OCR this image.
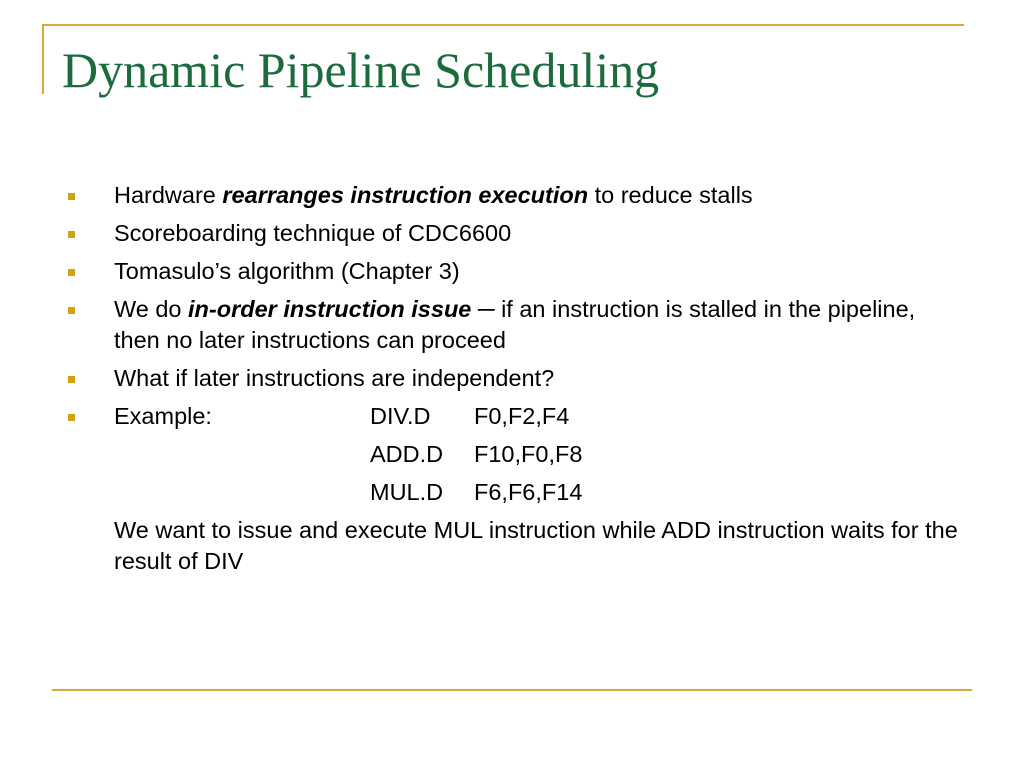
Dynamic Pipeline Scheduling
Hardware rearranges instruction execution to reduce stalls
Scoreboarding technique of CDC6600
Tomasulo’s algorithm (Chapter 3)
We do in-order instruction issue ─ if an instruction is stalled in the pipeline, then no later instructions can proceed
What if later instructions are independent?
Example:	DIV.D	F0,F2,F4
ADD.D	F10,F0,F8
MUL.D	F6,F6,F14
We want to issue and execute MUL instruction while ADD instruction waits for the result of DIV
